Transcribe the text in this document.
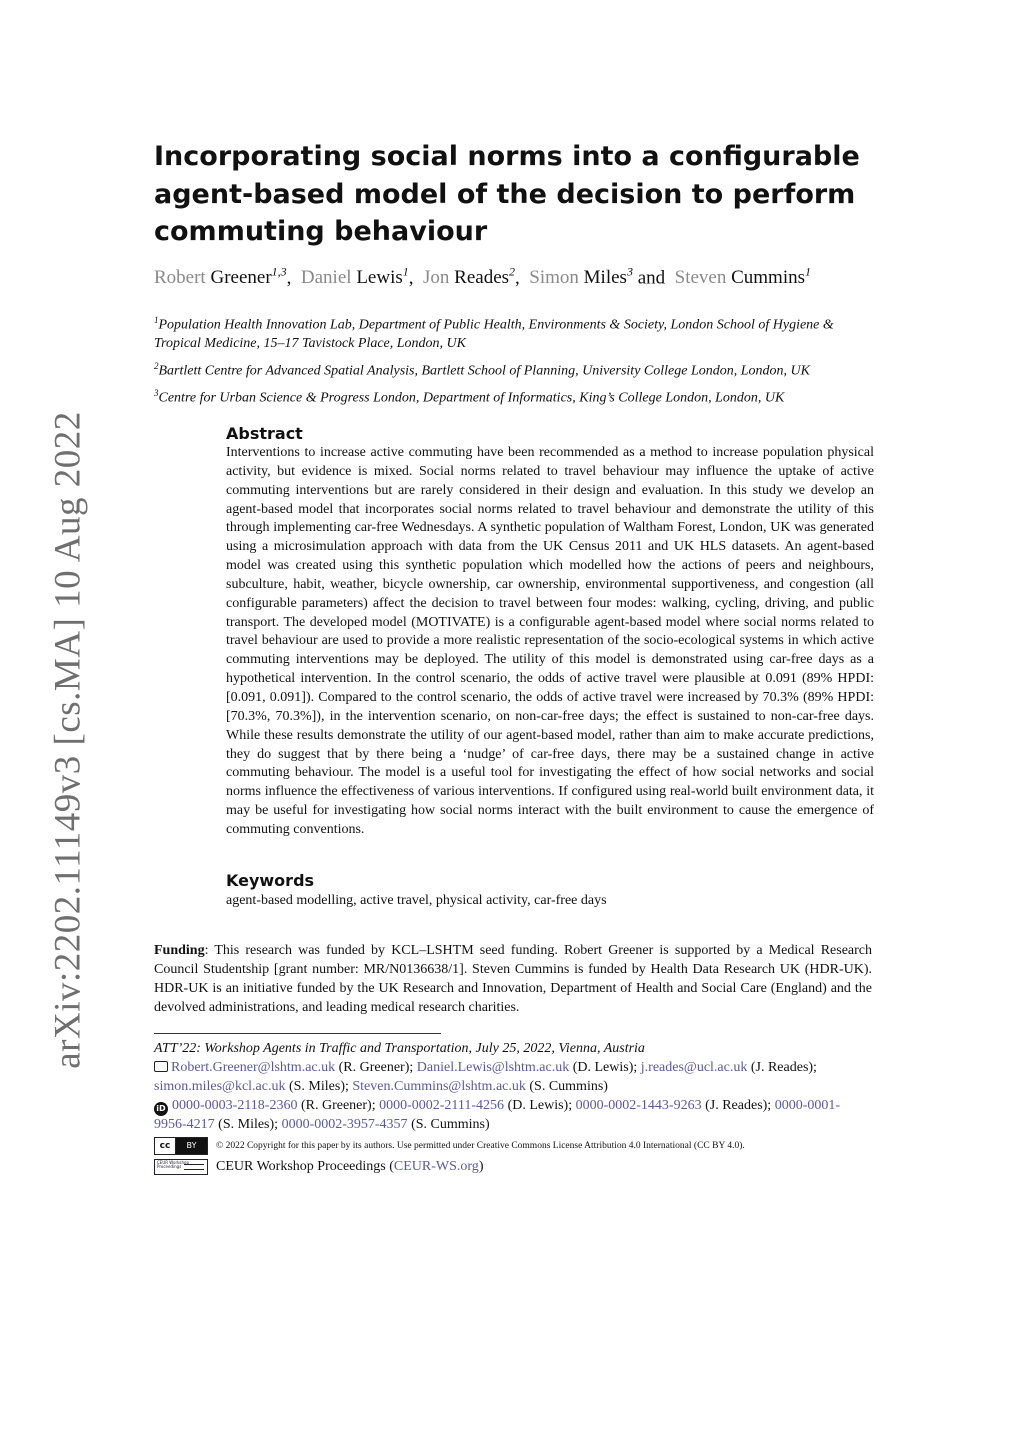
arXiv:2202.11149v3 [cs.MA] 10 Aug 2022
Incorporating social norms into a configurable agent-based model of the decision to perform commuting behaviour
Robert Greener$^{1,3}$,  Daniel Lewis$^1$,  Jon Reades$^2$,  Simon Miles$^3$ and Steven Cummins$^1$

$^1$Population Health Innovation Lab, Department of Public Health, Environments & Society, London School of Hygiene & Tropical Medicine, 15–17 Tavistock Place, London, UK

$^2$Bartlett Centre for Advanced Spatial Analysis, Bartlett School of Planning, University College London, London, UK

$^3$Centre for Urban Science & Progress London, Department of Informatics, King’s College London, London, UK

Abstract

Interventions to increase active commuting have been recommended as a method to increase population physical activity, but evidence is mixed. Social norms related to travel behaviour may influence the uptake of active commuting interventions but are rarely considered in their design and evaluation. In this study we develop an agent-based model that incorporates social norms related to travel behaviour and demonstrate the utility of this through implementing car-free Wednesdays. A synthetic population of Waltham Forest, London, UK was generated using a microsimulation approach with data from the UK Census 2011 and UK HLS datasets. An agent-based model was created using this synthetic population which modelled how the actions of peers and neighbours, subculture, habit, weather, bicycle ownership, car ownership, environmental supportiveness, and congestion (all configurable parameters) affect the decision to travel between four modes: walking, cycling, driving, and public transport. The developed model (MOTIVATE) is a configurable agent-based model where social norms related to travel behaviour are used to provide a more realistic representation of the socio-ecological systems in which active commuting interventions may be deployed. The utility of this model is demonstrated using car-free days as a hypothetical intervention. In the control scenario, the odds of active travel were plausible at 0.091 (89% HPDI: [0.091, 0.091]). Compared to the control scenario, the odds of active travel were increased by 70.3% (89% HPDI: [70.3%, 70.3%]), in the intervention scenario, on non-car-free days; the effect is sustained to non-car-free days. While these results demonstrate the utility of our agent-based model, rather than aim to make accurate predictions, they do suggest that by there being a ‘nudge’ of car-free days, there may be a sustained change in active commuting behaviour. The model is a useful tool for investigating the effect of how social networks and social norms influence the effectiveness of various interventions. If configured using real-world built environment data, it may be useful for investigating how social norms interact with the built environment to cause the emergence of commuting conventions.

Keywords

agent-based modelling, active travel, physical activity, car-free days

Funding: This research was funded by KCL–LSHTM seed funding. Robert Greener is supported by a Medical Research Council Studentship [grant number: MR/N0136638/1]. Steven Cummins is funded by Health Data Research UK (HDR-UK). HDR-UK is an initiative funded by the UK Research and Innovation, Department of Health and Social Care (England) and the devolved administrations, and leading medical research charities.

ATT’22: Workshop Agents in Traffic and Transportation, July 25, 2022, Vienna, Austria

Robert.Greener@lshtm.ac.uk (R. Greener); Daniel.Lewis@lshtm.ac.uk (D. Lewis); j.reades@ucl.ac.uk (J. Reades); simon.miles@kcl.ac.uk (S. Miles); Steven.Cummins@lshtm.ac.uk (S. Cummins)

iD 0000-0003-2118-2360 (R. Greener); 0000-0002-2111-4256 (D. Lewis); 0000-0002-1443-9263 (J. Reades); 0000-0001-9956-4217 (S. Miles); 0000-0002-3957-4357 (S. Cummins)

cc	BY	© 2022 Copyright for this paper by its authors. Use permitted under Creative Commons License Attribution 4.0 International (CC BY 4.0).
CEUR Workshop Proceedings	CEUR Workshop Proceedings ( CEUR-WS.org )
